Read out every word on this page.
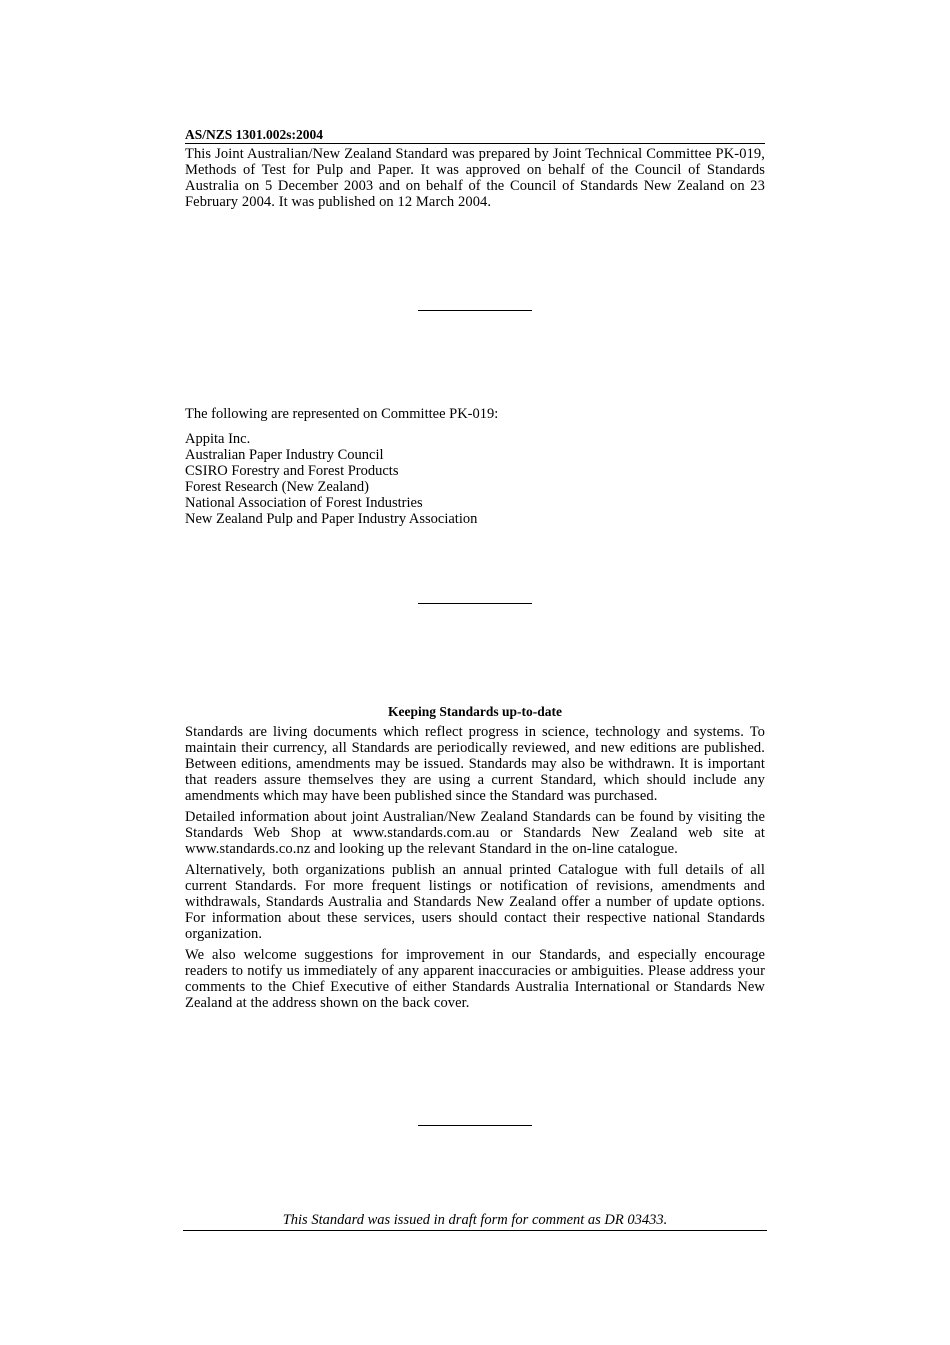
AS/NZS 1301.002s:2004
This Joint Australian/New Zealand Standard was prepared by Joint Technical Committee PK-019, Methods of Test for Pulp and Paper. It was approved on behalf of the Council of Standards Australia on 5 December 2003 and on behalf of the Council of Standards New Zealand on 23 February 2004. It was published on 12 March 2004.
The following are represented on Committee PK-019:
Appita Inc.
Australian Paper Industry Council
CSIRO Forestry and Forest Products
Forest Research (New Zealand)
National Association of Forest Industries
New Zealand Pulp and Paper Industry Association
Keeping Standards up-to-date

Standards are living documents which reflect progress in science, technology and systems. To maintain their currency, all Standards are periodically reviewed, and new editions are published. Between editions, amendments may be issued. Standards may also be withdrawn. It is important that readers assure themselves they are using a current Standard, which should include any amendments which may have been published since the Standard was purchased.

Detailed information about joint Australian/New Zealand Standards can be found by visiting the Standards Web Shop at www.standards.com.au or Standards New Zealand web site at www.standards.co.nz and looking up the relevant Standard in the on-line catalogue.

Alternatively, both organizations publish an annual printed Catalogue with full details of all current Standards. For more frequent listings or notification of revisions, amendments and withdrawals, Standards Australia and Standards New Zealand offer a number of update options. For information about these services, users should contact their respective national Standards organization.

We also welcome suggestions for improvement in our Standards, and especially encourage readers to notify us immediately of any apparent inaccuracies or ambiguities. Please address your comments to the Chief Executive of either Standards Australia International or Standards New Zealand at the address shown on the back cover.

This Standard was issued in draft form for comment as DR 03433.
